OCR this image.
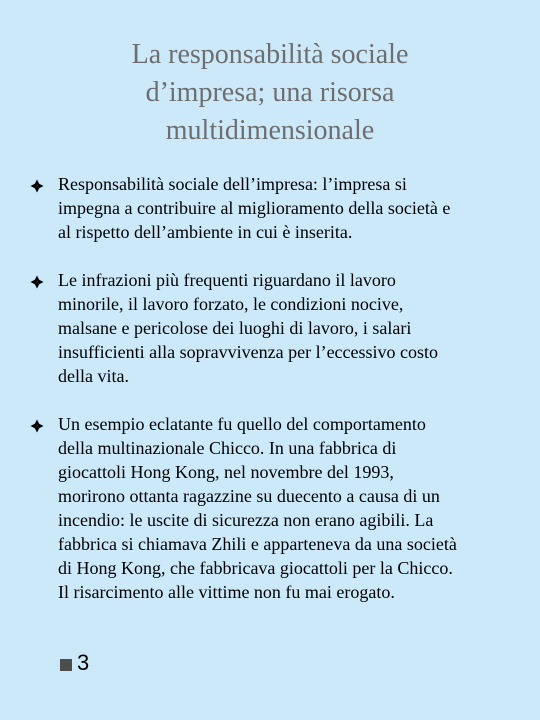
La responsabilità sociale
d’impresa; una risorsa
multidimensionale
Responsabilità sociale dell’impresa: l’impresa si
impegna a contribuire al miglioramento della società e
al rispetto dell’ambiente in cui è inserita.
Le infrazioni più frequenti riguardano il lavoro
minorile, il lavoro forzato, le condizioni nocive,
malsane e pericolose dei luoghi di lavoro, i salari
insufficienti alla sopravvivenza per l’eccessivo costo
della vita.
Un esempio eclatante fu quello del comportamento
della multinazionale Chicco. In una fabbrica di
giocattoli Hong Kong, nel novembre del 1993,
morirono ottanta ragazzine su duecento a causa di un
incendio: le uscite di sicurezza non erano agibili. La
fabbrica si chiamava Zhili e apparteneva da una società
di Hong Kong, che fabbricava giocattoli per la Chicco.
Il risarcimento alle vittime non fu mai erogato.
3
